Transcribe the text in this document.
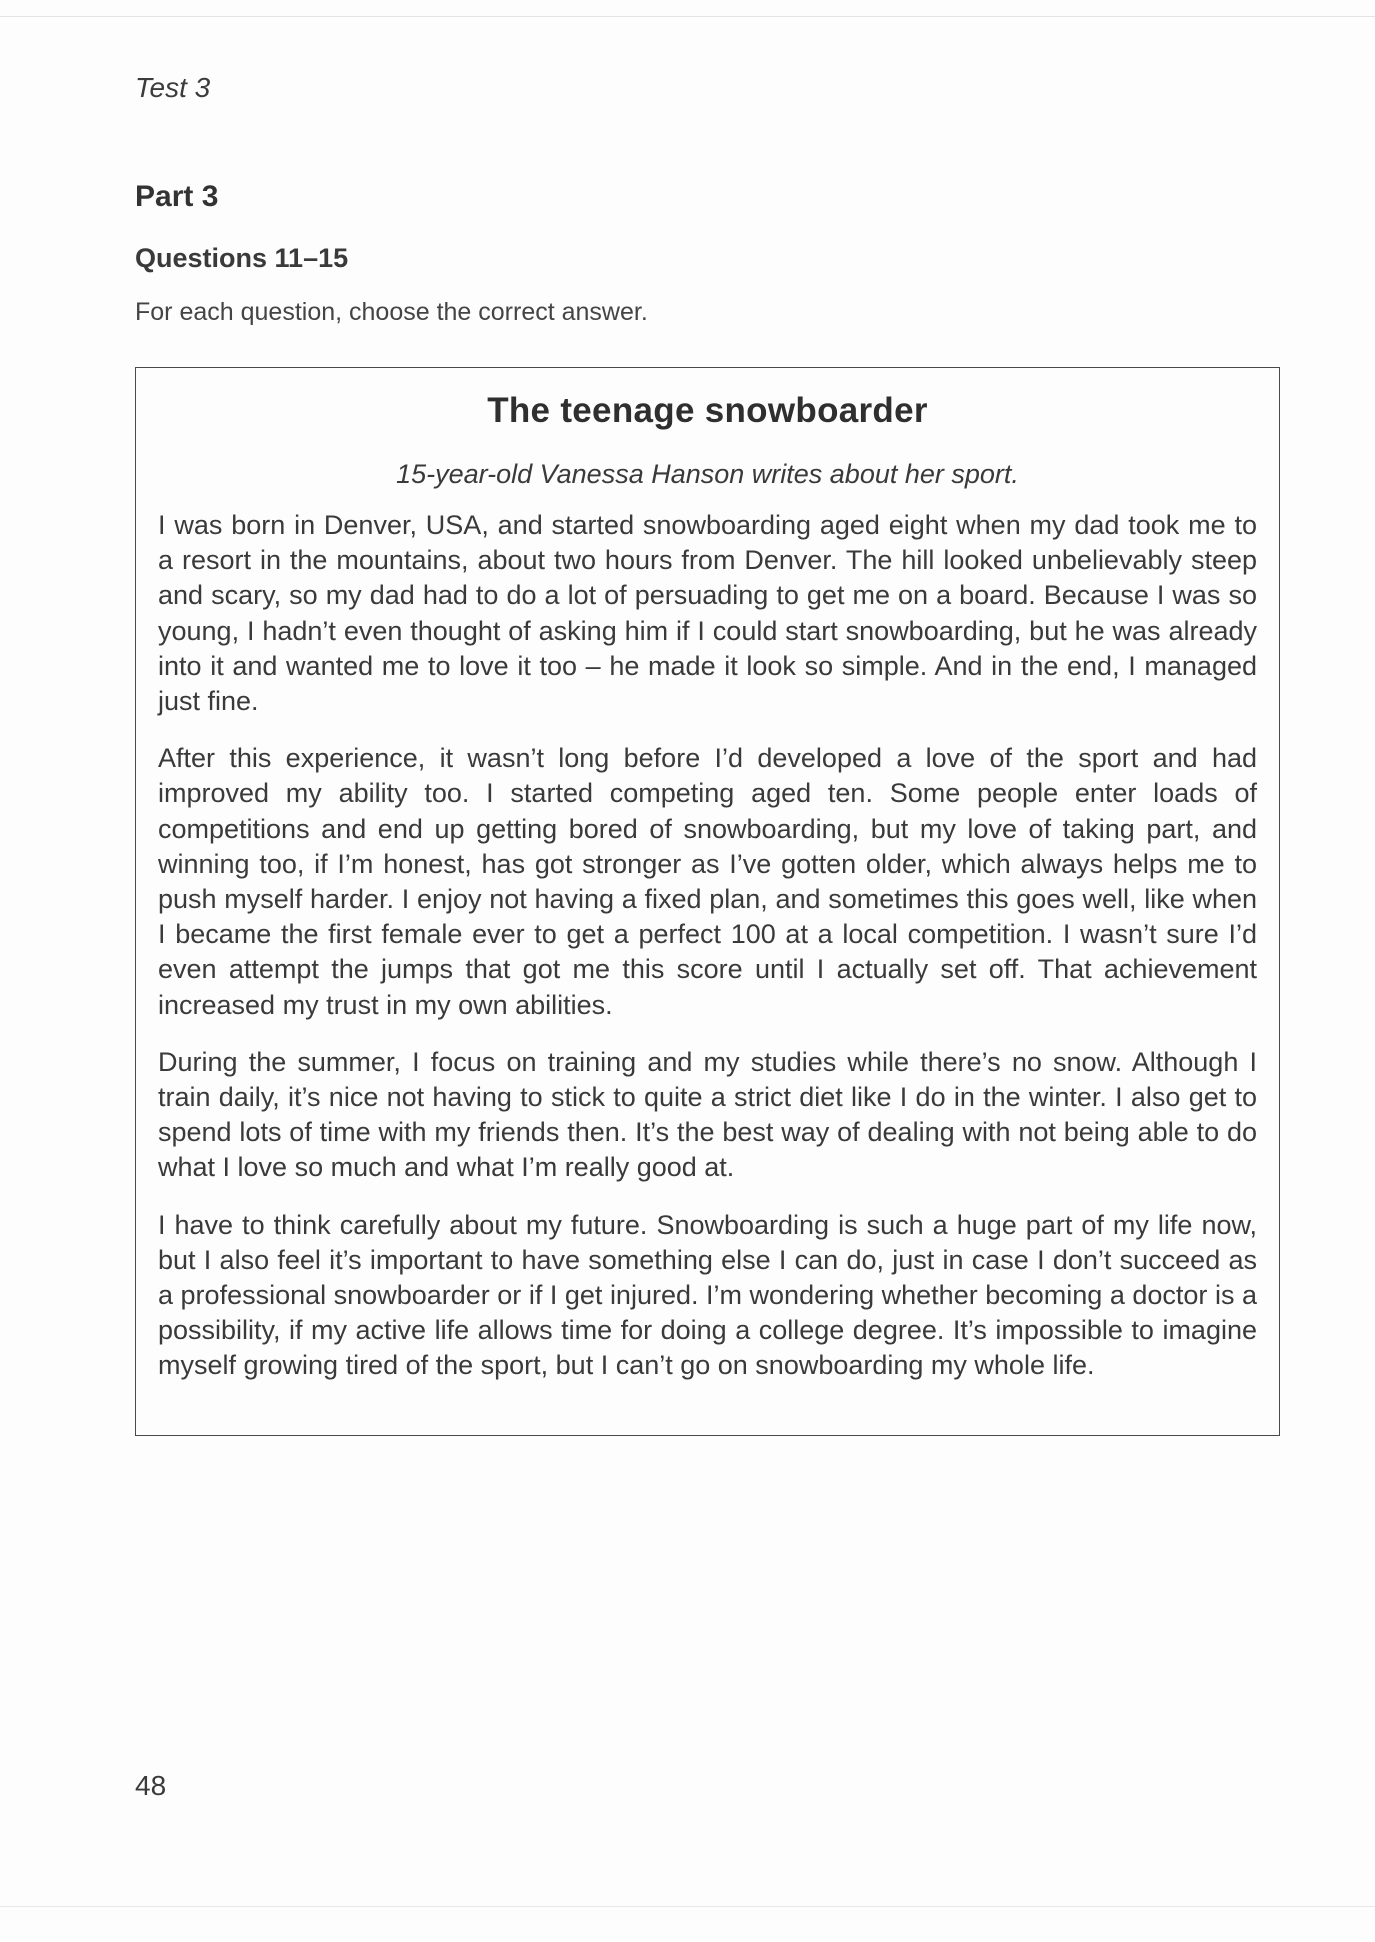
Test 3
Part 3
Questions 11–15
For each question, choose the correct answer.
The teenage snowboarder

15-year-old Vanessa Hanson writes about her sport.

I was born in Denver, USA, and started snowboarding aged eight when my dad took me to a resort in the mountains, about two hours from Denver. The hill looked unbelievably steep and scary, so my dad had to do a lot of persuading to get me on a board. Because I was so young, I hadn’t even thought of asking him if I could start snowboarding, but he was already into it and wanted me to love it too – he made it look so simple. And in the end, I managed just fine.

After this experience, it wasn’t long before I’d developed a love of the sport and had improved my ability too. I started competing aged ten. Some people enter loads of competitions and end up getting bored of snowboarding, but my love of taking part, and winning too, if I’m honest, has got stronger as I’ve gotten older, which always helps me to push myself harder. I enjoy not having a fixed plan, and sometimes this goes well, like when I became the first female ever to get a perfect 100 at a local competition. I wasn’t sure I’d even attempt the jumps that got me this score until I actually set off. That achievement increased my trust in my own abilities.

During the summer, I focus on training and my studies while there’s no snow. Although I train daily, it’s nice not having to stick to quite a strict diet like I do in the winter. I also get to spend lots of time with my friends then. It’s the best way of dealing with not being able to do what I love so much and what I’m really good at.

I have to think carefully about my future. Snowboarding is such a huge part of my life now, but I also feel it’s important to have something else I can do, just in case I don’t succeed as a professional snowboarder or if I get injured. I’m wondering whether becoming a doctor is a possibility, if my active life allows time for doing a college degree. It’s impossible to imagine myself growing tired of the sport, but I can’t go on snowboarding my whole life.

48
